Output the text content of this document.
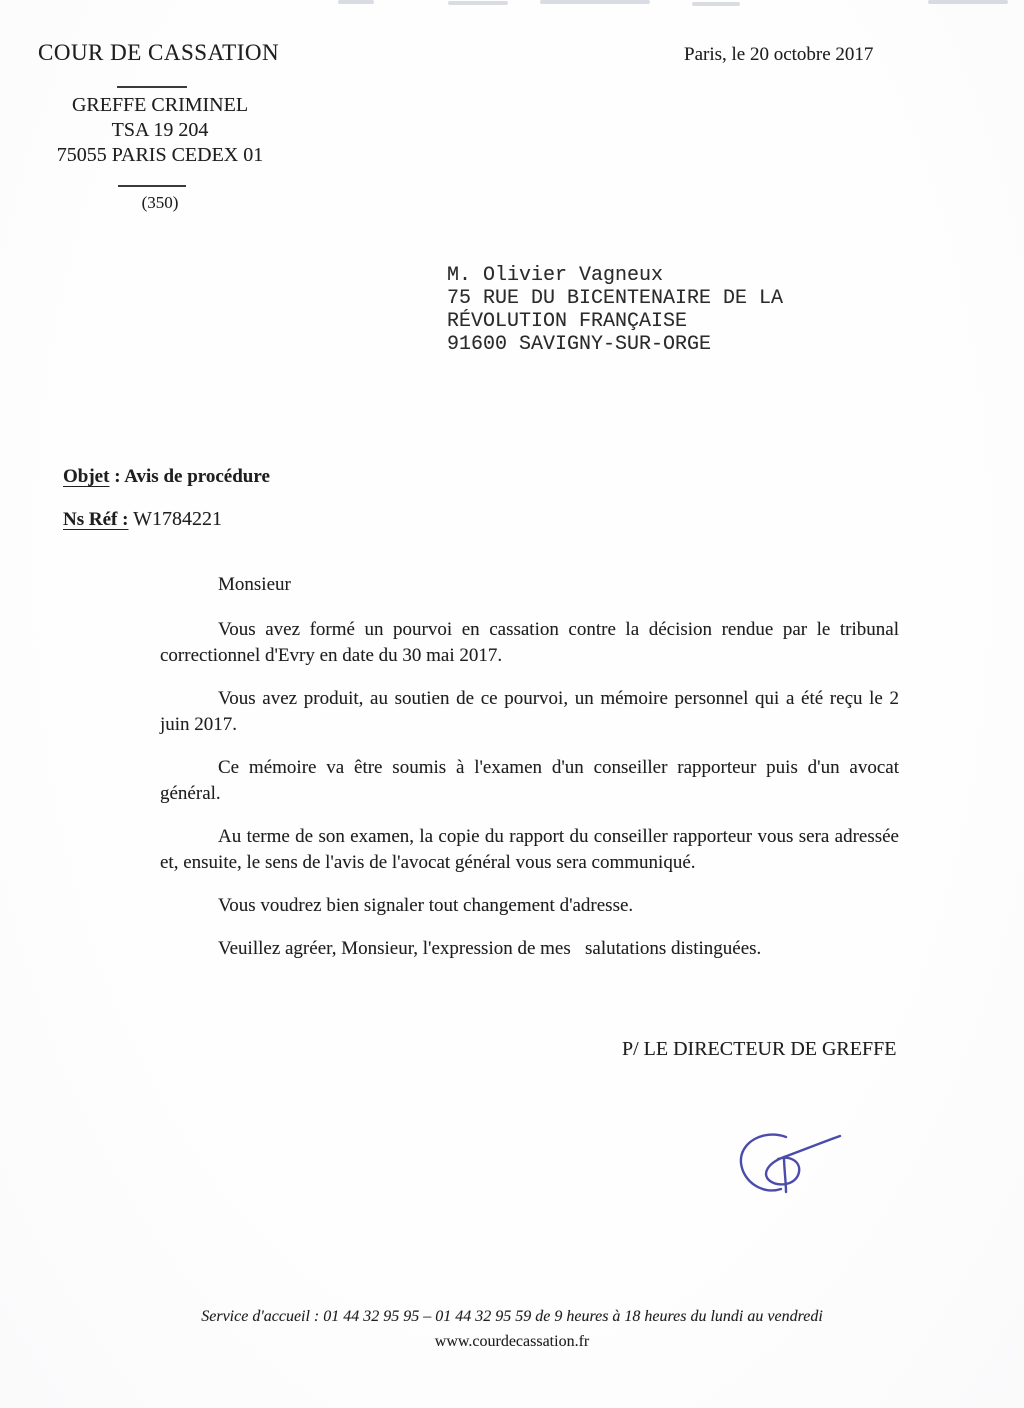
COUR DE CASSATION
GREFFE CRIMINEL
TSA 19 204
75055 PARIS CEDEX 01
(350)
Paris, le 20 octobre 2017
M. Olivier Vagneux
75 RUE DU BICENTENAIRE DE LA
RÉVOLUTION FRANÇAISE
91600 SAVIGNY-SUR-ORGE
Objet : Avis de procédure
Ns Réf : W1784221

Monsieur

Vous avez formé un pourvoi en cassation contre la décision rendue par le tribunal correctionnel d'Evry en date du 30 mai 2017.

Vous avez produit, au soutien de ce pourvoi, un mémoire personnel qui a été reçu le 2 juin 2017.

Ce mémoire va être soumis à l'examen d'un conseiller rapporteur puis d'un avocat général.

Au terme de son examen, la copie du rapport du conseiller rapporteur vous sera adressée et, ensuite, le sens de l'avis de l'avocat général vous sera communiqué.

Vous voudrez bien signaler tout changement d'adresse.

Veuillez agréer, Monsieur, l'expression de mes   salutations distinguées.

P/ LE DIRECTEUR DE GREFFE
Service d'accueil : 01 44 32 95 95 – 01 44 32 95 59 de 9 heures à 18 heures du lundi au vendredi
www.courdecassation.fr
